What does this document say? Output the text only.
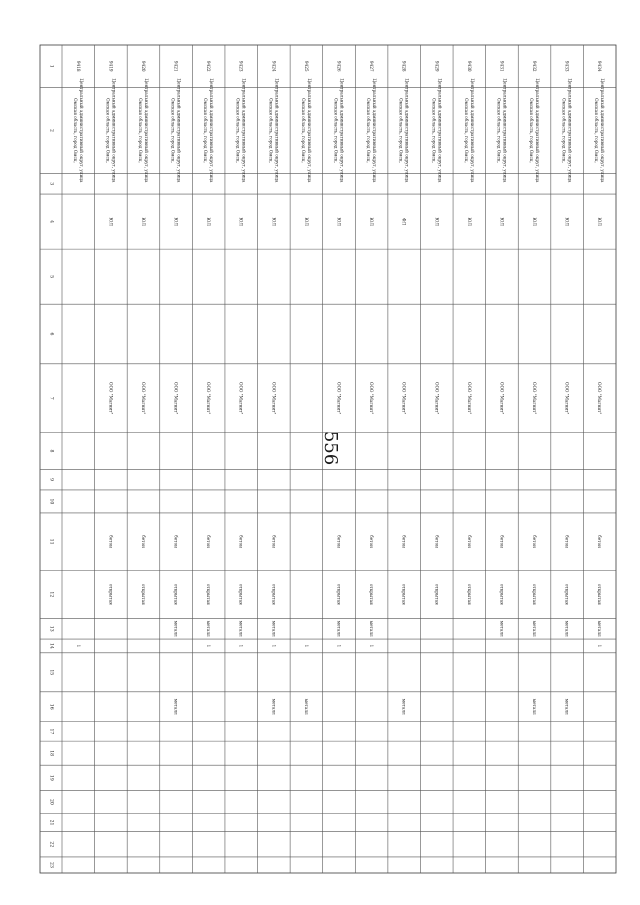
556
1
2
3
4
5
6
7
8
9
10
11
12
13
14
15
16
17
18
19
20
21
22
23
9418
Омская область, город Омск, Центральный административный округ, улица
1
9419
Омская область, город Омск, Центральный административный округ, улица
ЮЛ
ООО "Магнит"
бетон
открытая
9420
Омская область, город Омск, Центральный административный округ, улица
ЮЛ
ООО "Магнит"
бетон
открытая
9421
Омская область, город Омск, Центральный административный округ, улица
ЮЛ
ООО "Магнит"
бетон
открытая
металл
металл
9422
Омская область, город Омск, Центральный административный округ, улица
ЮЛ
ООО "Магнит"
бетон
открытая
металл
1
9423
Омская область, город Омск, Центральный административный округ, улица
ЮЛ
ООО "Магнит"
бетон
открытая
металл
1
9424
Омская область, город Омск, Центральный административный округ, улица
ЮЛ
ООО "Магнит"
бетон
открытая
металл
1
металл
9425
Омская область, город Омск, Центральный административный округ, улица
ЮЛ
1
металл
9426
Омская область, город Омск, Центральный административный округ, улица
ЮЛ
ООО "Магнит"
бетон
открытая
металл
1
9427
Омская область, город Омск, Центральный административный округ, улица
ЮЛ
ООО "Магнит"
бетон
открытая
металл
1
9428
Омская область, город Омск, Центральный административный округ, улица
ФЛ
ООО "Магнит"
бетон
открытая
металл
9429
Омская область, город Омск, Центральный административный округ, улица
ЮЛ
ООО "Магнит"
бетон
открытая
9430
Омская область, город Омск, Центральный административный округ, улица
ЮЛ
ООО "Магнит"
бетон
открытая
9431
Омская область, город Омск, Центральный административный округ, улица
ЮЛ
ООО "Магнит"
бетон
открытая
металл
9432
Омская область, город Омск, Центральный административный округ, улица
ЮЛ
ООО "Магнит"
бетон
открытая
металл
металл
9433
Омская область, город Омск, Центральный административный округ, улица
ЮЛ
ООО "Магнит"
бетон
открытая
металл
металл
9434
Омская область, город Омск, Центральный административный округ, улица
ЮЛ
ООО "Магнит"
бетон
открытая
металл
1
